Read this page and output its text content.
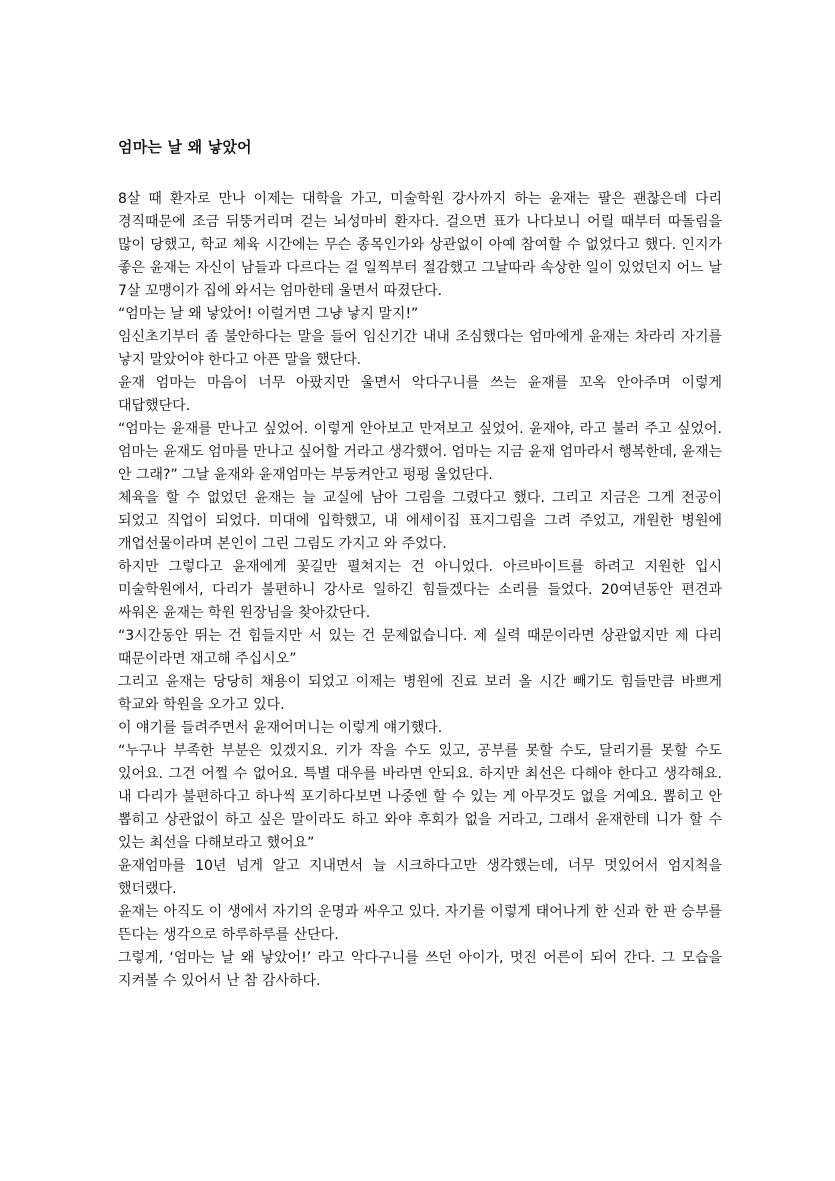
엄마는 날 왜 낳았어

8살 때 환자로 만나 이제는 대학을 가고, 미술학원 강사까지 하는 윤재는 팔은 괜찮은데 다리 경직때문에 조금 뒤뚱거리며 걷는 뇌성마비 환자다. 걸으면 표가 나다보니 어릴 때부터 따돌림을 많이 당했고, 학교 체육 시간에는 무슨 종목인가와 상관없이 아예 참여할 수 없었다고 했다. 인지가 좋은 윤재는 자신이 남들과 다르다는 걸 일찍부터 절감했고 그날따라 속상한 일이 있었던지 어느 날 7살 꼬맹이가 집에 와서는 엄마한테 울면서 따졌단다.

“엄마는 날 왜 낳았어! 이럴거면 그냥 낳지 말지!”

임신초기부터 좀 불안하다는 말을 들어 임신기간 내내 조심했다는 엄마에게 윤재는 차라리 자기를 낳지 말았어야 한다고 아픈 말을 했단다.

윤재 엄마는 마음이 너무 아팠지만 울면서 악다구니를 쓰는 윤재를 꼬옥 안아주며 이렇게 대답했단다.

“엄마는 윤재를 만나고 싶었어. 이렇게 안아보고 만져보고 싶었어. 윤재야, 라고 불러 주고 싶었어. 엄마는 윤재도 엄마를 만나고 싶어할 거라고 생각했어. 엄마는 지금 윤재 엄마라서 행복한데, 윤재는 안 그래?” 그날 윤재와 윤재엄마는 부둥켜안고 펑펑 울었단다.

체육을 할 수 없었던 윤재는 늘 교실에 남아 그림을 그렸다고 했다. 그리고 지금은 그게 전공이 되었고 직업이 되었다. 미대에 입학했고, 내 에세이집 표지그림을 그려 주었고, 개원한 병원에 개업선물이라며 본인이 그린 그림도 가지고 와 주었다.

하지만 그렇다고 윤재에게 꽃길만 펼쳐지는 건 아니었다. 아르바이트를 하려고 지원한 입시 미술학원에서, 다리가 불편하니 강사로 일하긴 힘들겠다는 소리를 들었다. 20여년동안 편견과 싸워온 윤재는 학원 원장님을 찾아갔단다.

“3시간동안 뛰는 건 힘들지만 서 있는 건 문제없습니다. 제 실력 때문이라면 상관없지만 제 다리 때문이라면 재고해 주십시오”

그리고 윤재는 당당히 채용이 되었고 이제는 병원에 진료 보러 올 시간 빼기도 힘들만큼 바쁘게 학교와 학원을 오가고 있다.

이 얘기를 들려주면서 윤재어머니는 이렇게 얘기했다.

“누구나 부족한 부분은 있겠지요. 키가 작을 수도 있고, 공부를 못할 수도, 달리기를 못할 수도 있어요. 그건 어쩔 수 없어요. 특별 대우를 바라면 안되요. 하지만 최선은 다해야 한다고 생각해요. 내 다리가 불편하다고 하나씩 포기하다보면 나중엔 할 수 있는 게 아무것도 없을 거예요. 뽑히고 안 뽑히고 상관없이 하고 싶은 말이라도 하고 와야 후회가 없을 거라고, 그래서 윤재한테 니가 할 수 있는 최선을 다해보라고 했어요”

윤재엄마를 10년 넘게 알고 지내면서 늘 시크하다고만 생각했는데, 너무 멋있어서 엄지척을 했더랬다.

윤재는 아직도 이 생에서 자기의 운명과 싸우고 있다. 자기를 이렇게 태어나게 한 신과 한 판 승부를 뜬다는 생각으로 하루하루를 산단다.

그렇게, ‘엄마는 날 왜 낳았어!’ 라고 악다구니를 쓰던 아이가, 멋진 어른이 되어 간다. 그 모습을 지켜볼 수 있어서 난 참 감사하다.
